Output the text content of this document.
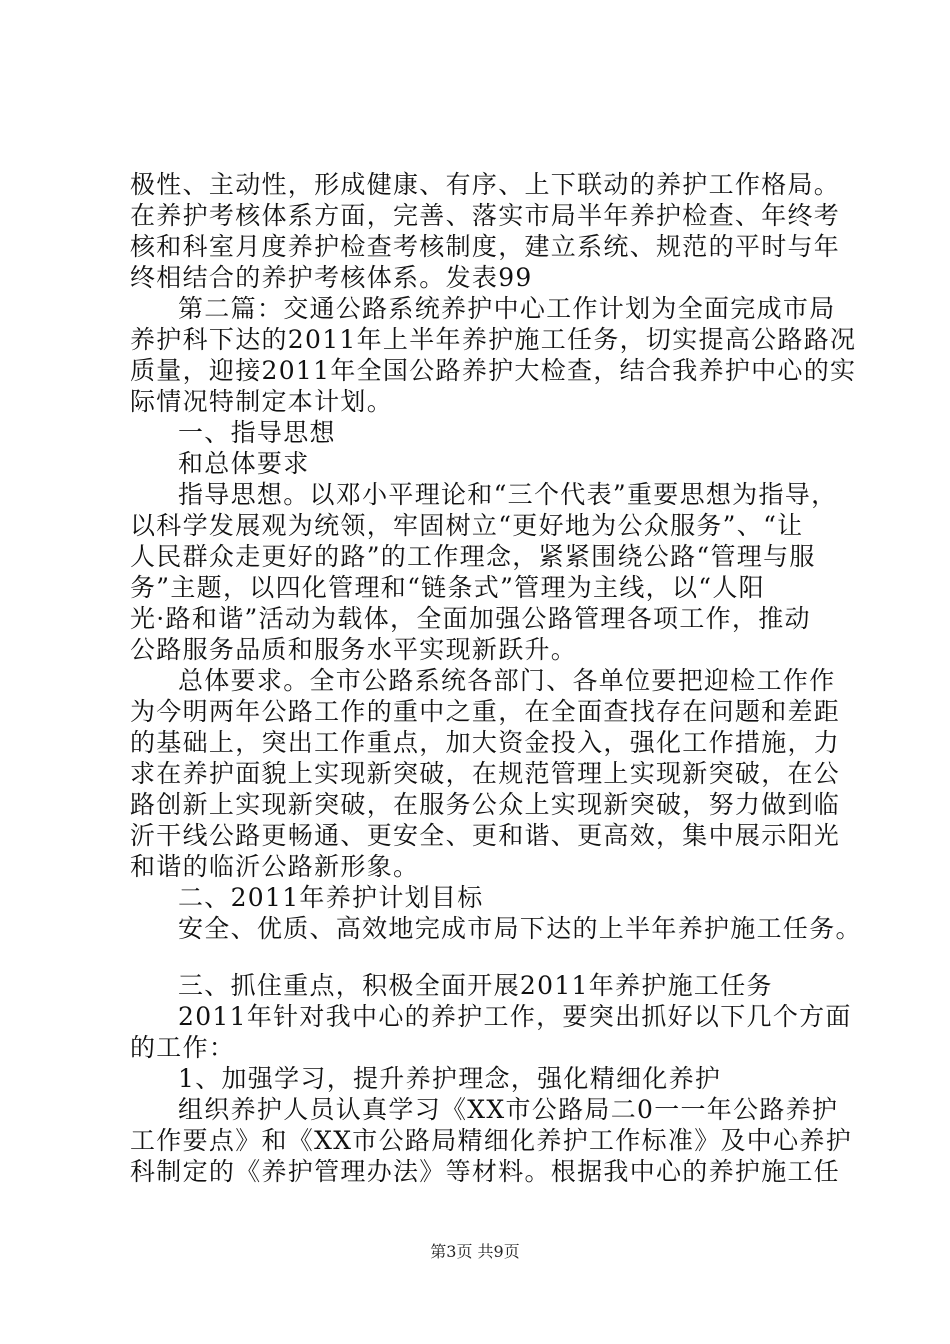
极性、主动性，形成健康、有序、上下联动的养护工作格局。
在养护考核体系方面，完善、落实市局半年养护检查、年终考
核和科室月度养护检查考核制度，建立系统、规范的平时与年
终相结合的养护考核体系。发表99
第二篇：交通公路系统养护中心工作计划为全面完成市局
养护科下达的2011年上半年养护施工任务，切实提高公路路况
质量，迎接2011年全国公路养护大检查，结合我养护中心的实
际情况特制定本计划。
一、指导思想
和总体要求
指导思想。以邓小平理论和“三个代表”重要思想为指导，
以科学发展观为统领，牢固树立“更好地为公众服务”、“让
人民群众走更好的路”的工作理念，紧紧围绕公路“管理与服
务”主题，以四化管理和“链条式”管理为主线，以“人阳
光·路和谐”活动为载体，全面加强公路管理各项工作，推动
公路服务品质和服务水平实现新跃升。
总体要求。全市公路系统各部门、各单位要把迎检工作作
为今明两年公路工作的重中之重，在全面查找存在问题和差距
的基础上，突出工作重点，加大资金投入，强化工作措施，力
求在养护面貌上实现新突破，在规范管理上实现新突破，在公
路创新上实现新突破，在服务公众上实现新突破，努力做到临
沂干线公路更畅通、更安全、更和谐、更高效，集中展示阳光
和谐的临沂公路新形象。
二、2011年养护计划目标
安全、优质、高效地完成市局下达的上半年养护施工任务。
三、抓住重点，积极全面开展2011年养护施工任务
2011年针对我中心的养护工作，要突出抓好以下几个方面
的工作：
1、加强学习，提升养护理念，强化精细化养护
组织养护人员认真学习《XX市公路局二0一一年公路养护
工作要点》和《XX市公路局精细化养护工作标准》及中心养护
科制定的《养护管理办法》等材料。根据我中心的养护施工任
第3页 共9页
